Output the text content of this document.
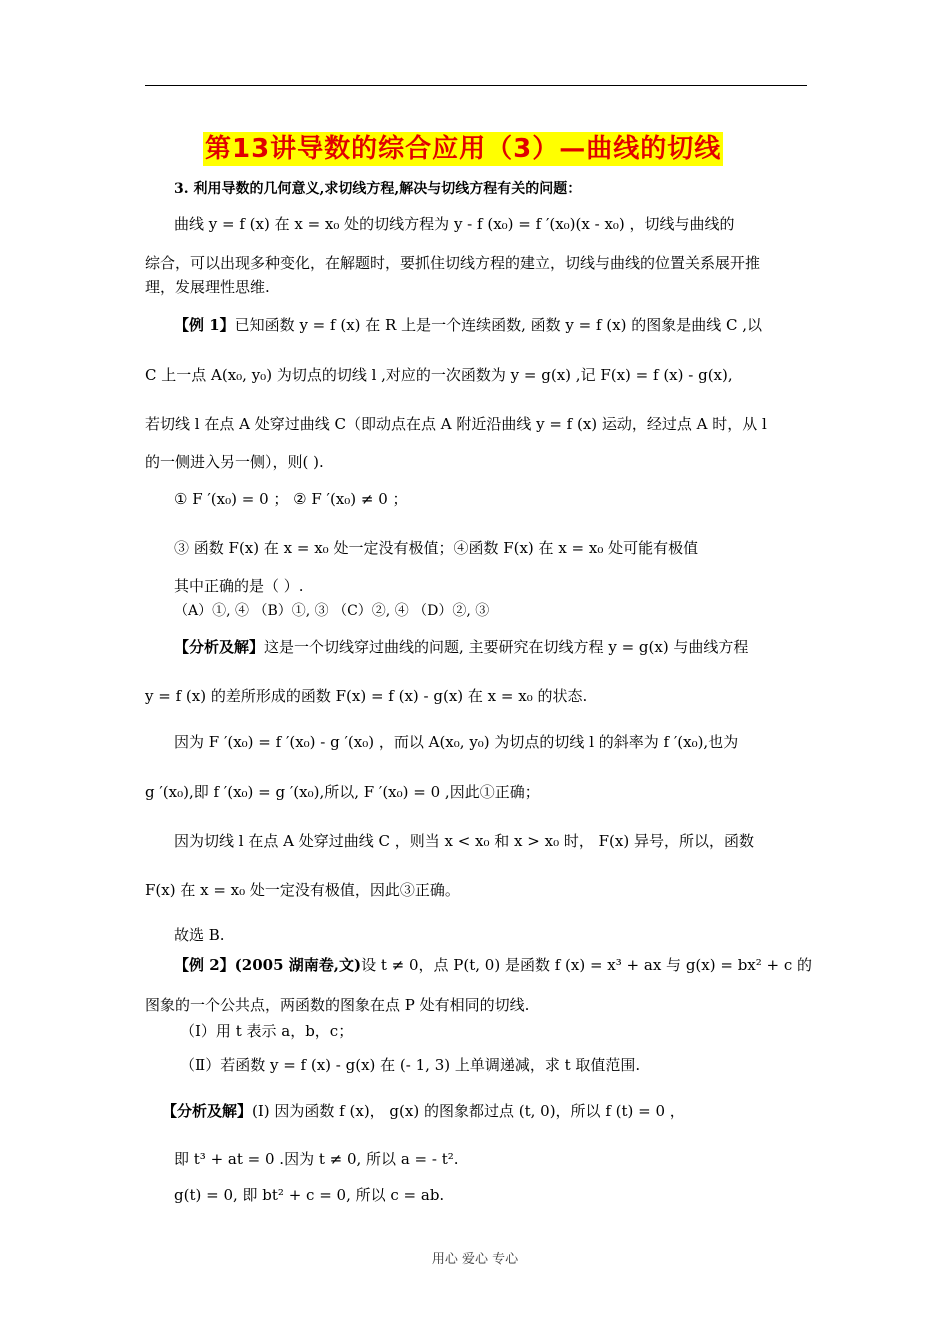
第13讲导数的综合应用（3）—曲线的切线
3. 利用导数的几何意义,求切线方程,解决与切线方程有关的问题：
曲线 y = f (x) 在 x = x₀ 处的切线方程为 y - f (x₀) = f ′(x₀)(x - x₀) ，切线与曲线的
综合，可以出现多种变化，在解题时，要抓住切线方程的建立，切线与曲线的位置关系展开推
理，发展理性思维.
【例 1】已知函数 y = f (x) 在 R 上是一个连续函数, 函数 y = f (x) 的图象是曲线 C ,以
C 上一点 A(x₀, y₀) 为切点的切线 l ,对应的一次函数为 y = g(x) ,记 F(x) = f (x) - g(x),
若切线 l 在点 A 处穿过曲线 C（即动点在点 A 附近沿曲线 y = f (x) 运动，经过点 A 时，从 l
的一侧进入另一侧），则( ).
① F ′(x₀) = 0 ； ② F ′(x₀) ≠ 0 ；
③ 函数 F(x) 在 x = x₀ 处一定没有极值；④函数 F(x) 在 x = x₀ 处可能有极值
其中正确的是（ ）.
（A）①, ④ （B）①, ③ （C）②, ④ （D）②, ③
【分析及解】这是一个切线穿过曲线的问题, 主要研究在切线方程 y = g(x) 与曲线方程
y = f (x) 的差所形成的函数 F(x) = f (x) - g(x) 在 x = x₀ 的状态.
因为 F ′(x₀) = f ′(x₀) - g ′(x₀) ，而以 A(x₀, y₀) 为切点的切线 l 的斜率为 f ′(x₀),也为
g ′(x₀),即 f ′(x₀) = g ′(x₀),所以, F ′(x₀) = 0 ,因此①正确；
因为切线 l 在点 A 处穿过曲线 C ，则当 x < x₀ 和 x > x₀ 时， F(x) 异号，所以，函数
F(x) 在 x = x₀ 处一定没有极值，因此③正确。
故选 B.
【例 2】(2005 湖南卷,文)设 t ≠ 0，点 P(t, 0) 是函数 f (x) = x³ + ax 与 g(x) = bx² + c 的
图象的一个公共点，两函数的图象在点 P 处有相同的切线.
（Ⅰ）用 t 表示 a，b，c；
（Ⅱ）若函数 y = f (x) - g(x) 在 (- 1, 3) 上单调递减，求 t 取值范围.
【分析及解】(I) 因为函数 f (x)， g(x) 的图象都过点 (t, 0)，所以 f (t) = 0 ，
即 t³ + at = 0 .因为 t ≠ 0, 所以 a = - t².
g(t) = 0, 即 bt² + c = 0, 所以 c = ab.
用心 爱心 专心
